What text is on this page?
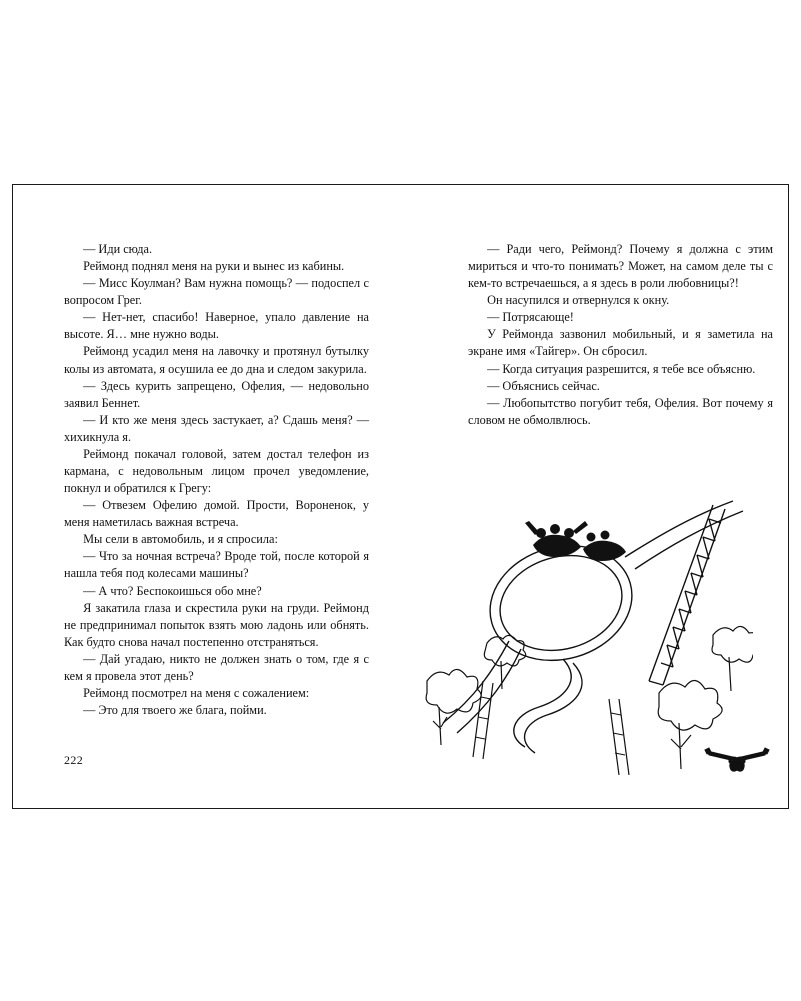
— Иди сюда.

Реймонд поднял меня на руки и вынес из кабины.

— Мисс Коулман? Вам нужна помощь? — подоспел с вопросом Грег.

— Нет-нет, спасибо! Наверное, упало давление на высоте. Я… мне нужно воды.

Реймонд усадил меня на лавочку и протянул бутылку колы из автомата, я осушила ее до дна и следом закурила.

— Здесь курить запрещено, Офелия, — недовольно заявил Беннет.

— И кто же меня здесь застукает, а? Сдашь меня? — хихикнула я.

Реймонд покачал головой, затем достал телефон из кармана, с недовольным лицом прочел уведомление, покнул и обратился к Грегу:

— Отвезем Офелию домой. Прости, Вороненок, у меня наметилась важная встреча.

Мы сели в автомобиль, и я спросила:

— Что за ночная встреча? Вроде той, после которой я нашла тебя под колесами машины?

— А что? Беспокоишься обо мне?

Я закатила глаза и скрестила руки на груди. Реймонд не предпринимал попыток взять мою ладонь или обнять. Как будто снова начал постепенно отстраняться.

— Дай угадаю, никто не должен знать о том, где я с кем я провела этот день?

Реймонд посмотрел на меня с сожалением:

— Это для твоего же блага, пойми.

— Ради чего, Реймонд? Почему я должна с этим мириться и что-то понимать? Может, на самом деле ты с кем-то встречаешься, а я здесь в роли любовницы?!

Он насупился и отвернулся к окну.

— Потрясающе!

У Реймонда зазвонил мобильный, и я заметила на экране имя «Тайгер». Он сбросил.

— Когда ситуация разрешится, я тебе все объясню.

— Объяснись сейчас.

— Любопытство погубит тебя, Офелия. Вот почему я словом не обмолвлюсь.

222
